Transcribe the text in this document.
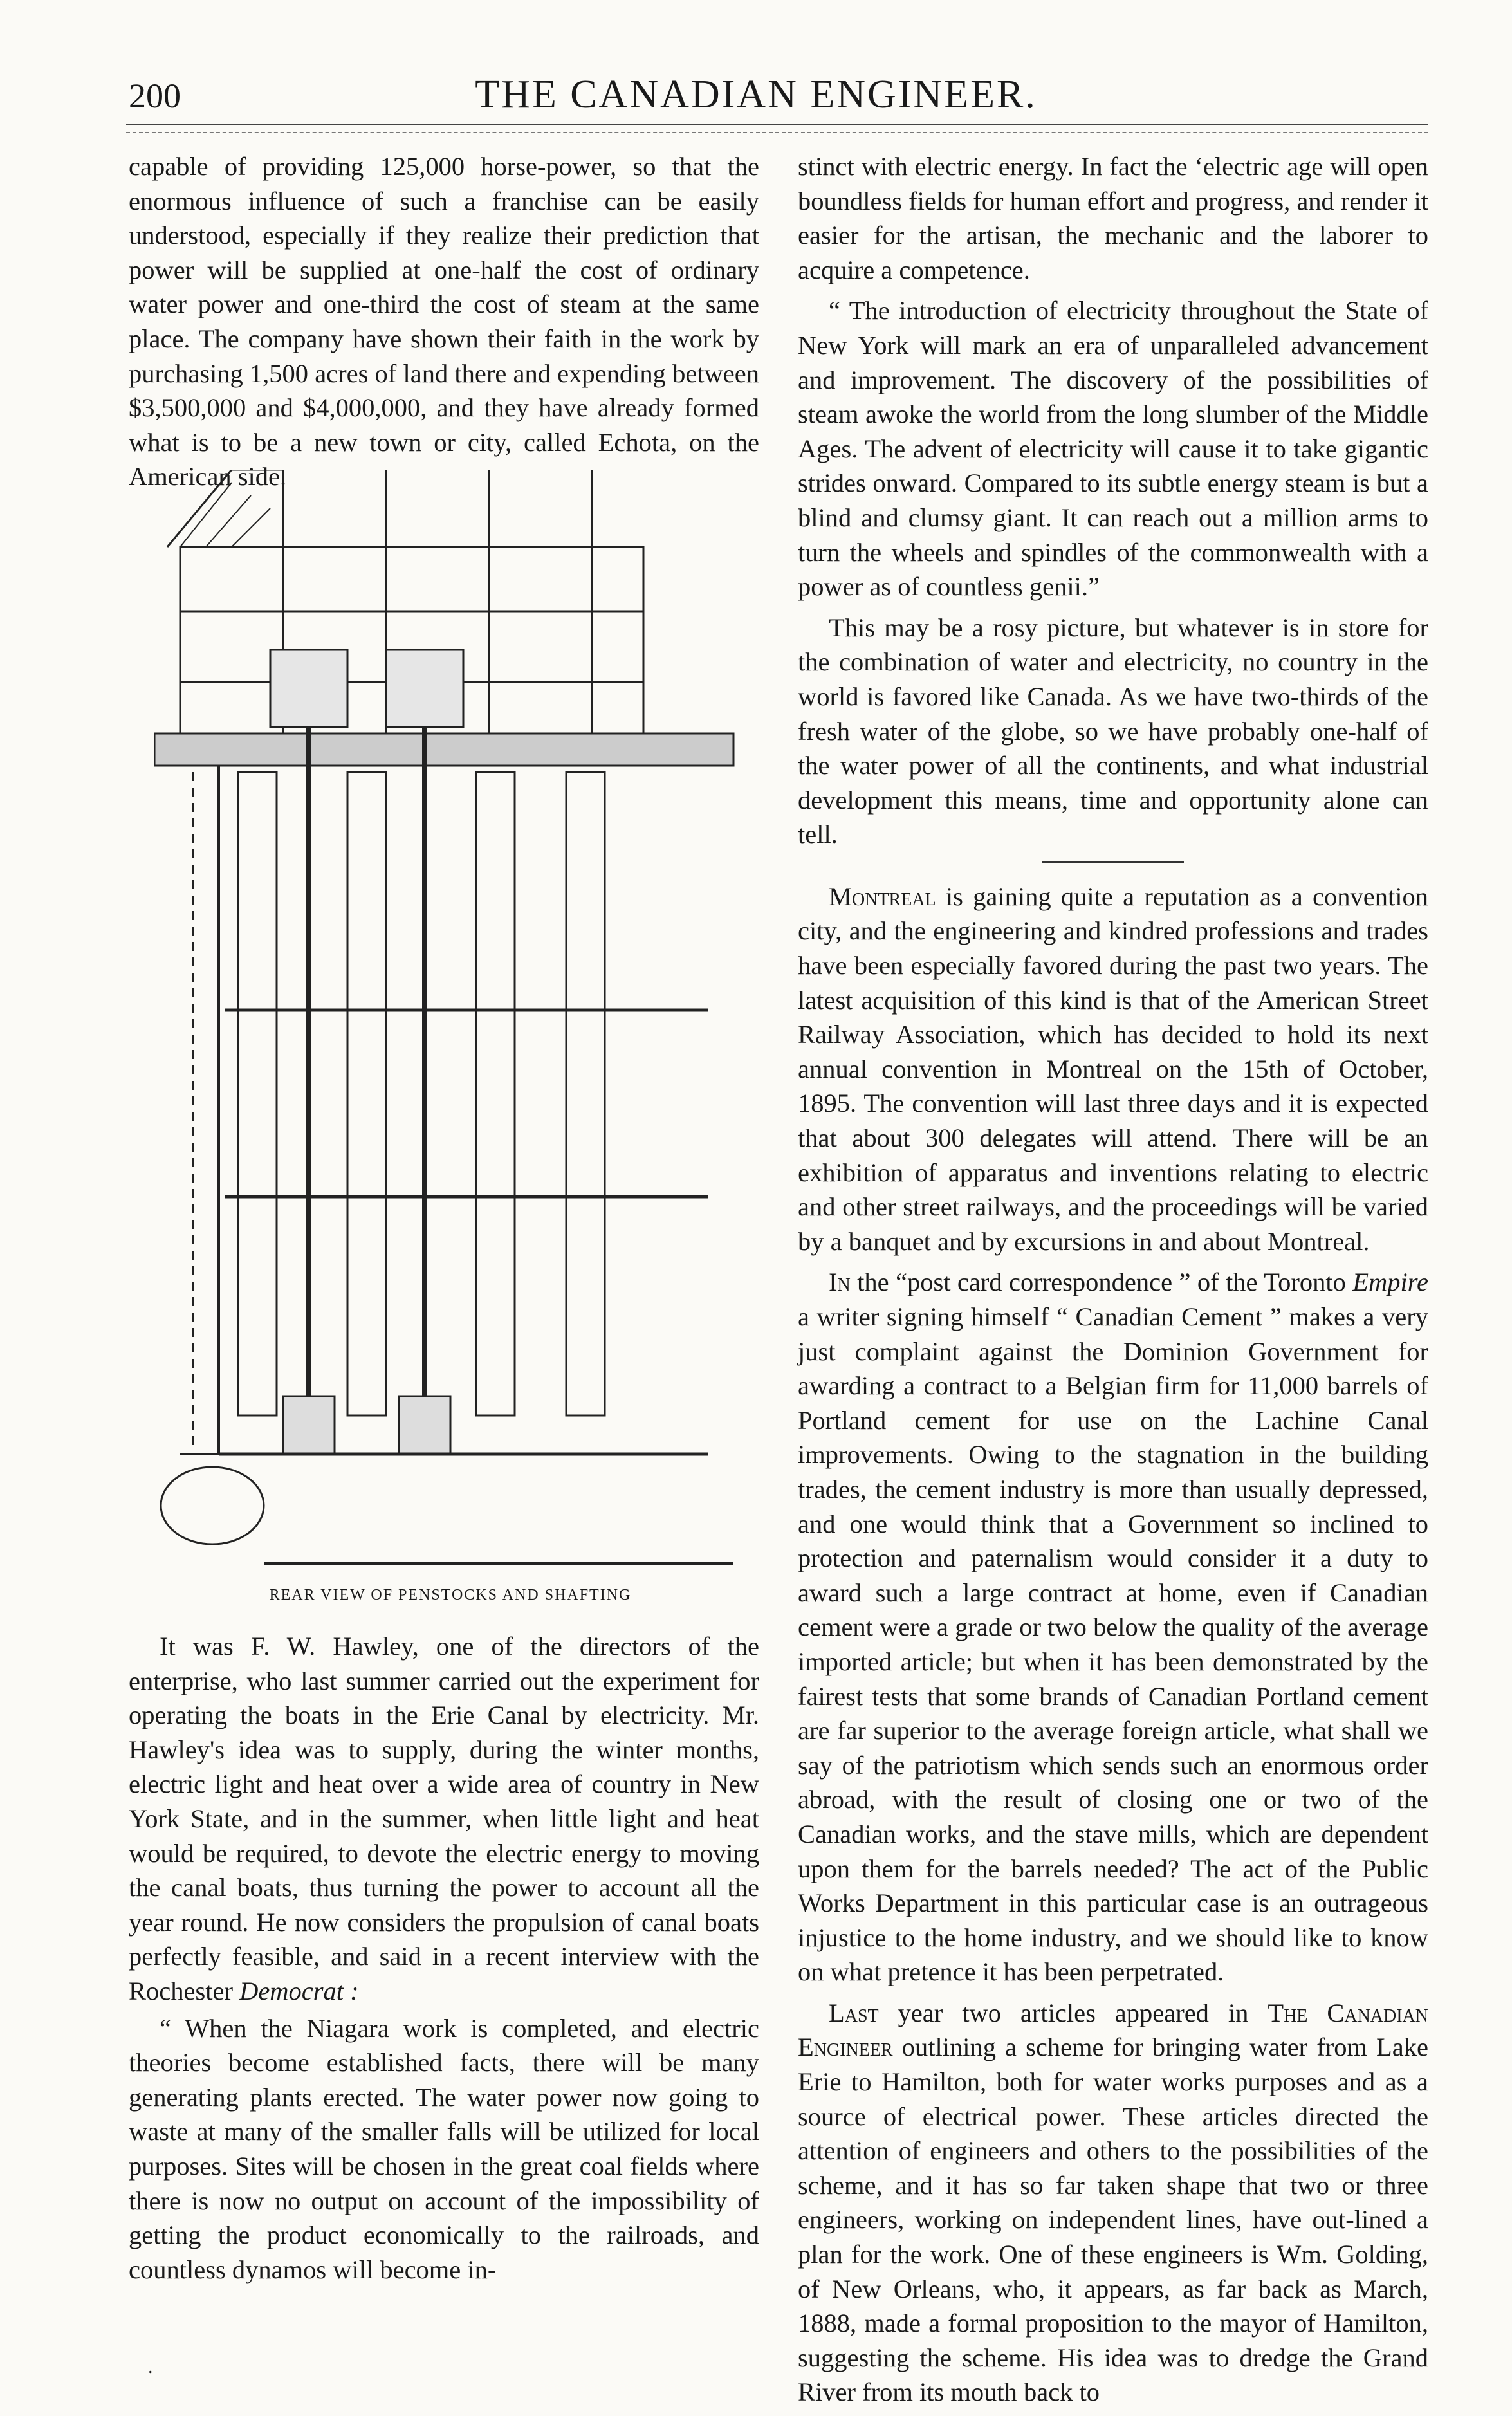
200	THE CANADIAN ENGINEER.

capable of providing 125,000 horse-power, so that the enormous influence of such a franchise can be easily understood, especially if they realize their prediction that power will be supplied at one-half the cost of ordinary water power and one-third the cost of steam at the same place. The company have shown their faith in the work by purchasing 1,500 acres of land there and expending between $3,500,000 and $4,000,000, and they have already formed what is to be a new town or city, called Echota, on the American side.

REAR VIEW OF PENSTOCKS AND SHAFTING

It was F. W. Hawley, one of the directors of the enterprise, who last summer carried out the experiment for operating the boats in the Erie Canal by electricity. Mr. Hawley's idea was to supply, during the winter months, electric light and heat over a wide area of country in New York State, and in the summer, when little light and heat would be required, to devote the electric energy to moving the canal boats, thus turning the power to account all the year round. He now considers the propulsion of canal boats perfectly feasible, and said in a recent interview with the Rochester Democrat :

“ When the Niagara work is completed, and electric theories become established facts, there will be many generating plants erected. The water power now going to waste at many of the smaller falls will be utilized for local purposes. Sites will be chosen in the great coal fields where there is now no output on account of the impossibility of getting the product economically to the railroads, and countless dynamos will become in-

stinct with electric energy. In fact the ‘electric age will open boundless fields for human effort and progress, and render it easier for the artisan, the mechanic and the laborer to acquire a competence.

“ The introduction of electricity throughout the State of New York will mark an era of unparalleled advancement and improvement. The discovery of the possibilities of steam awoke the world from the long slumber of the Middle Ages. The advent of electricity will cause it to take gigantic strides onward. Compared to its subtle energy steam is but a blind and clumsy giant. It can reach out a million arms to turn the wheels and spindles of the commonwealth with a power as of countless genii.”

This may be a rosy picture, but whatever is in store for the combination of water and electricity, no country in the world is favored like Canada. As we have two-thirds of the fresh water of the globe, so we have probably one-half of the water power of all the continents, and what industrial development this means, time and opportunity alone can tell.

Montreal is gaining quite a reputation as a convention city, and the engineering and kindred professions and trades have been especially favored during the past two years. The latest acquisition of this kind is that of the American Street Railway Association, which has decided to hold its next annual convention in Montreal on the 15th of October, 1895. The convention will last three days and it is expected that about 300 delegates will attend. There will be an exhibition of apparatus and inventions relating to electric and other street railways, and the proceedings will be varied by a banquet and by excursions in and about Montreal.

In the “post card correspondence ” of the Toronto Empire a writer signing himself “ Canadian Cement ” makes a very just complaint against the Dominion Government for awarding a contract to a Belgian firm for 11,000 barrels of Portland cement for use on the Lachine Canal improvements. Owing to the stagnation in the building trades, the cement industry is more than usually depressed, and one would think that a Government so inclined to protection and paternalism would consider it a duty to award such a large contract at home, even if Canadian cement were a grade or two below the quality of the average imported article; but when it has been demonstrated by the fairest tests that some brands of Canadian Portland cement are far superior to the average foreign article, what shall we say of the patriotism which sends such an enormous order abroad, with the result of closing one or two of the Canadian works, and the stave mills, which are dependent upon them for the barrels needed? The act of the Public Works Department in this particular case is an outrageous injustice to the home industry, and we should like to know on what pretence it has been perpetrated.

Last year two articles appeared in The Canadian Engineer outlining a scheme for bringing water from Lake Erie to Hamilton, both for water works purposes and as a source of electrical power. These articles directed the attention of engineers and others to the possibilities of the scheme, and it has so far taken shape that two or three engineers, working on independent lines, have out-lined a plan for the work. One of these engineers is Wm. Golding, of New Orleans, who, it appears, as far back as March, 1888, made a formal proposition to the mayor of Hamilton, suggesting the scheme. His idea was to dredge the Grand River from its mouth back to

.
